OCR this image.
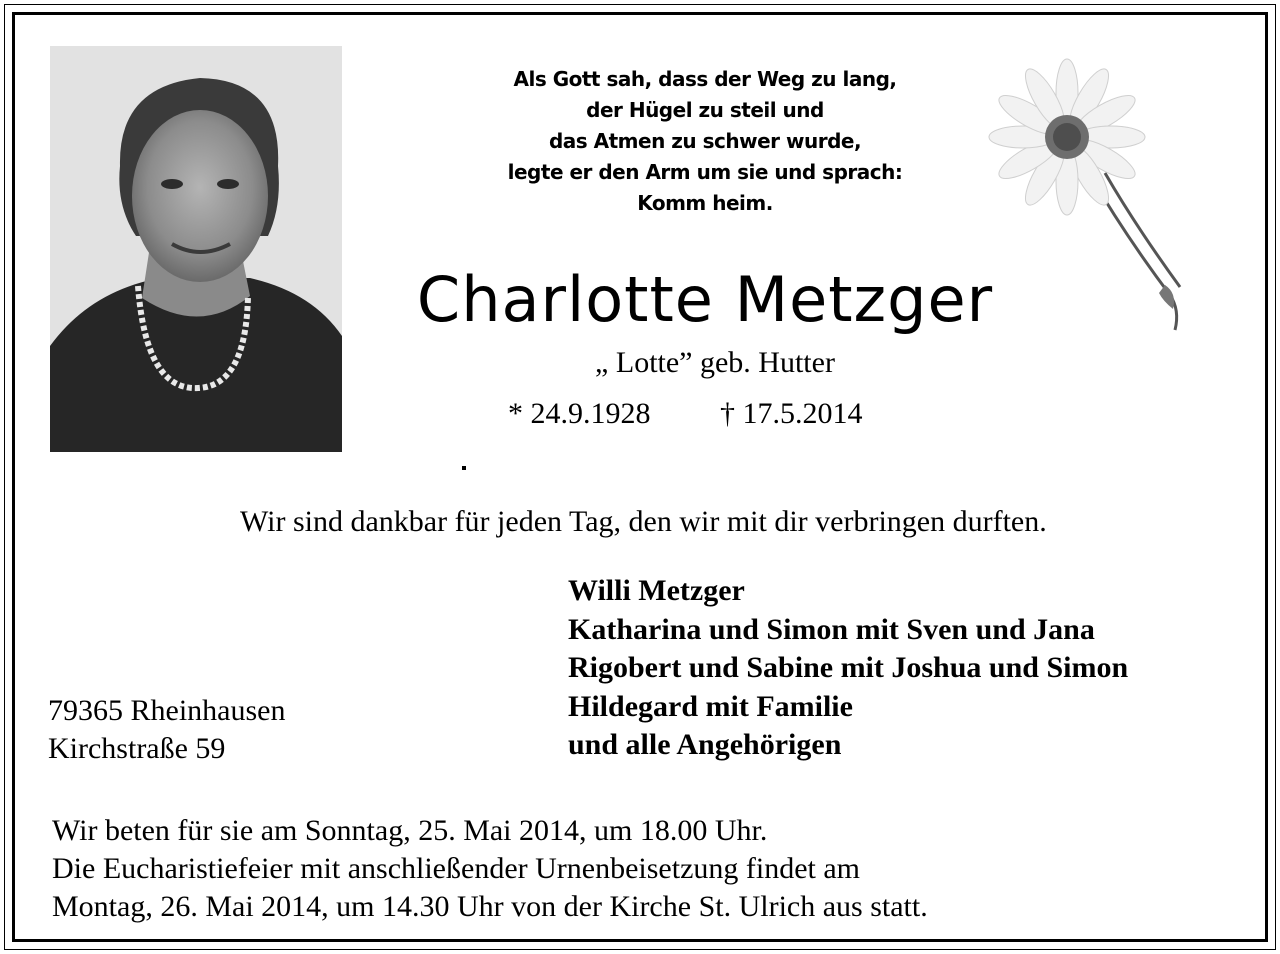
Als Gott sah, dass der Weg zu lang,
der Hügel zu steil und
das Atmen zu schwer wurde,
legte er den Arm um sie und sprach:
Komm heim.
Charlotte Metzger
„ Lotte” geb. Hutter
* 24.9.1928 † 17.5.2014
Wir sind dankbar für jeden Tag, den wir mit dir verbringen durften.
Willi Metzger
Katharina und Simon mit Sven und Jana
Rigobert und Sabine mit Joshua und Simon
Hildegard mit Familie
und alle Angehörigen
79365 Rheinhausen
Kirchstraße 59
Wir beten für sie am Sonntag, 25. Mai 2014, um 18.00 Uhr.
Die Eucharistiefeier mit anschließender Urnenbeisetzung findet am
Montag, 26. Mai 2014, um 14.30 Uhr von der Kirche St. Ulrich aus statt.
